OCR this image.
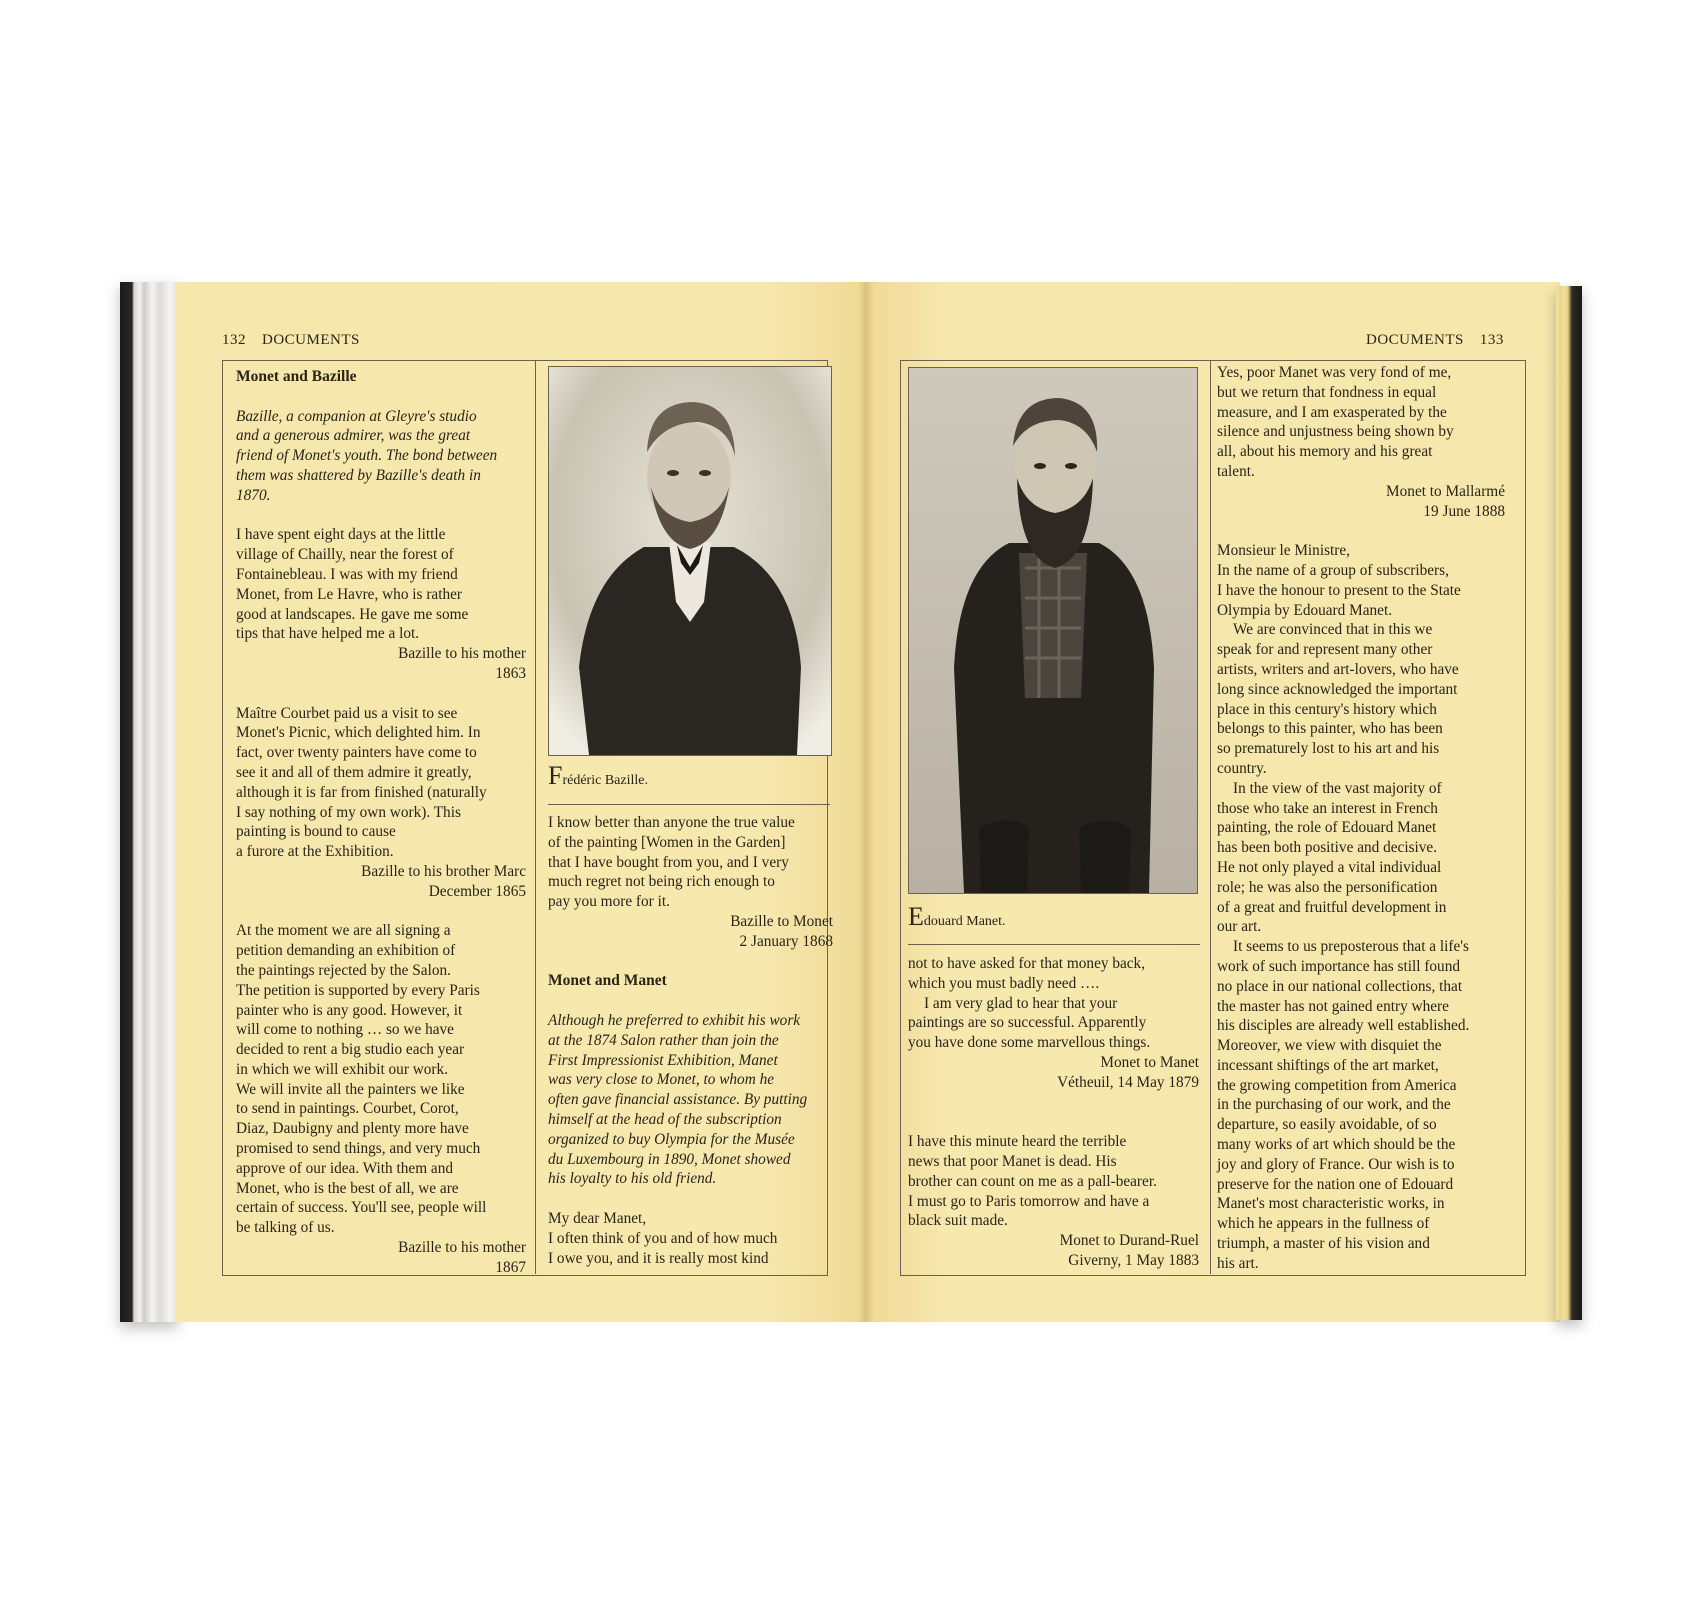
132 DOCUMENTS	DOCUMENTS 133

Monet and Bazille

Bazille, a companion at Gleyre's studio

and a generous admirer, was the great

friend of Monet's youth. The bond between

them was shattered by Bazille's death in

1870.

I have spent eight days at the little

village of Chailly, near the forest of

Fontainebleau. I was with my friend

Monet, from Le Havre, who is rather

good at landscapes. He gave me some

tips that have helped me a lot.

Bazille to his mother

1863

Maître Courbet paid us a visit to see

Monet's Picnic, which delighted him. In

fact, over twenty painters have come to

see it and all of them admire it greatly,

although it is far from finished (naturally

I say nothing of my own work). This

painting is bound to cause

a furore at the Exhibition.

Bazille to his brother Marc

December 1865

At the moment we are all signing a

petition demanding an exhibition of

the paintings rejected by the Salon.

The petition is supported by every Paris

painter who is any good. However, it

will come to nothing … so we have

decided to rent a big studio each year

in which we will exhibit our work.

We will invite all the painters we like

to send in paintings. Courbet, Corot,

Diaz, Daubigny and plenty more have

promised to send things, and very much

approve of our idea. With them and

Monet, who is the best of all, we are

certain of success. You'll see, people will

be talking of us.

Bazille to his mother

1867

Frédéric Bazille.

I know better than anyone the true value

of the painting [Women in the Garden]

that I have bought from you, and I very

much regret not being rich enough to

pay you more for it.

Bazille to Monet

2 January 1868

Monet and Manet

Although he preferred to exhibit his work

at the 1874 Salon rather than join the

First Impressionist Exhibition, Manet

was very close to Monet, to whom he

often gave financial assistance. By putting

himself at the head of the subscription

organized to buy Olympia for the Musée

du Luxembourg in 1890, Monet showed

his loyalty to his old friend.

My dear Manet,

I often think of you and of how much

I owe you, and it is really most kind

Edouard Manet.

not to have asked for that money back,

which you must badly need ….

I am very glad to hear that your

paintings are so successful. Apparently

you have done some marvellous things.

Monet to Manet

Vétheuil, 14 May 1879

I have this minute heard the terrible

news that poor Manet is dead. His

brother can count on me as a pall-bearer.

I must go to Paris tomorrow and have a

black suit made.

Monet to Durand-Ruel

Giverny, 1 May 1883

Yes, poor Manet was very fond of me,

but we return that fondness in equal

measure, and I am exasperated by the

silence and unjustness being shown by

all, about his memory and his great

talent.

Monet to Mallarmé

19 June 1888

Monsieur le Ministre,

In the name of a group of subscribers,

I have the honour to present to the State

Olympia by Edouard Manet.

We are convinced that in this we

speak for and represent many other

artists, writers and art-lovers, who have

long since acknowledged the important

place in this century's history which

belongs to this painter, who has been

so prematurely lost to his art and his

country.

In the view of the vast majority of

those who take an interest in French

painting, the role of Edouard Manet

has been both positive and decisive.

He not only played a vital individual

role; he was also the personification

of a great and fruitful development in

our art.

It seems to us preposterous that a life's

work of such importance has still found

no place in our national collections, that

the master has not gained entry where

his disciples are already well established.

Moreover, we view with disquiet the

incessant shiftings of the art market,

the growing competition from America

in the purchasing of our work, and the

departure, so easily avoidable, of so

many works of art which should be the

joy and glory of France. Our wish is to

preserve for the nation one of Edouard

Manet's most characteristic works, in

which he appears in the fullness of

triumph, a master of his vision and

his art.
